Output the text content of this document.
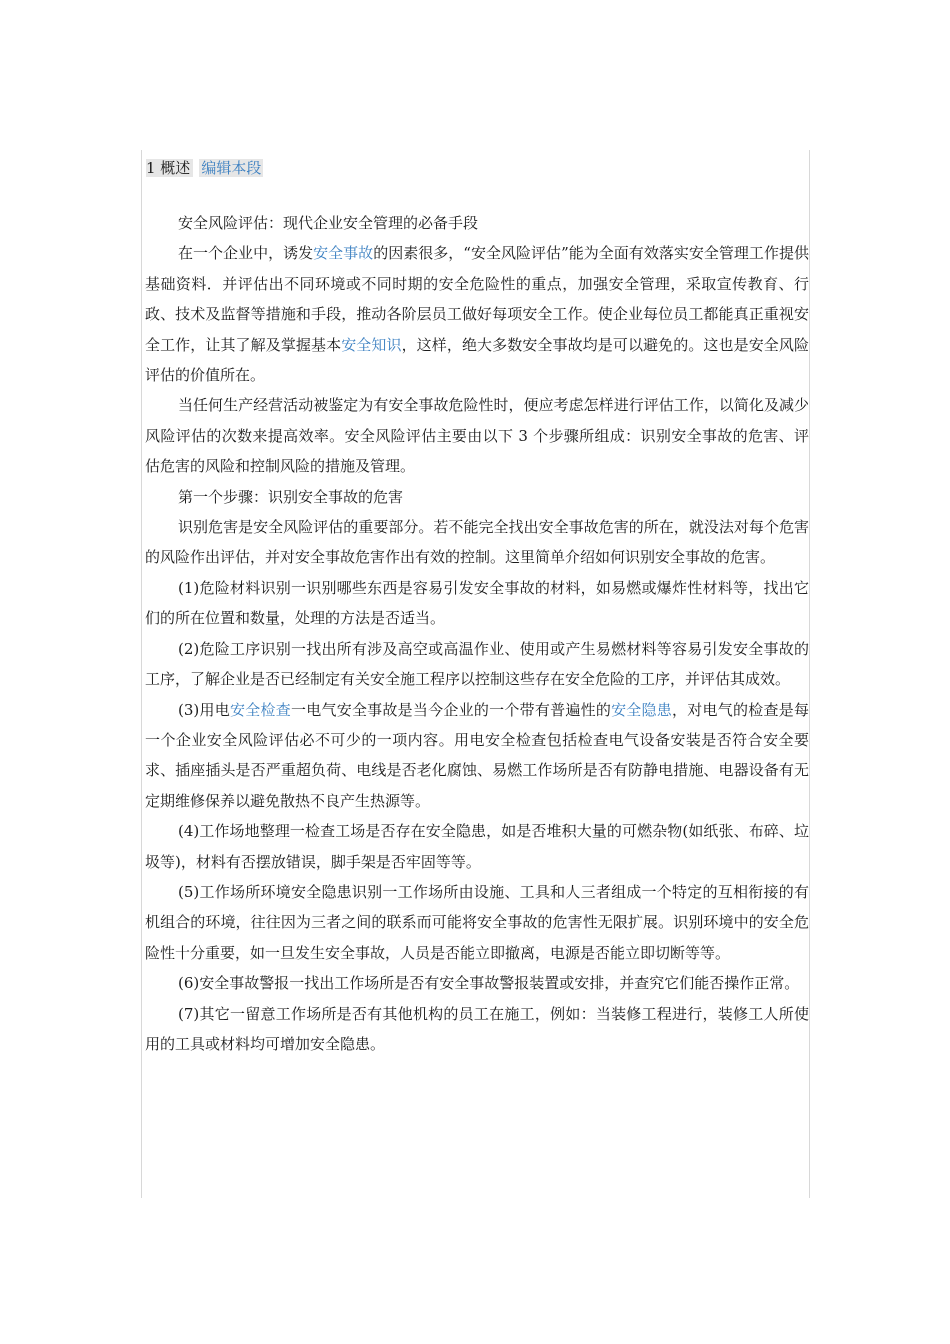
1 概述 编辑本段

安全风险评估：现代企业安全管理的必备手段

在一个企业中，诱发安全事故的因素很多，“安全风险评估”能为全面有效落实安全管理工作提供基础资料．并评估出不同环境或不同时期的安全危险性的重点，加强安全管理，采取宣传教育、行政、技术及监督等措施和手段，推动各阶层员工做好每项安全工作。使企业每位员工都能真正重视安全工作，让其了解及掌握基本安全知识，这样，绝大多数安全事故均是可以避免的。这也是安全风险评估的价值所在。

当任何生产经营活动被鉴定为有安全事故危险性时，便应考虑怎样进行评估工作，以简化及减少风险评估的次数来提高效率。安全风险评估主要由以下 3 个步骤所组成：识别安全事故的危害、评估危害的风险和控制风险的措施及管理。

第一个步骤：识别安全事故的危害

识别危害是安全风险评估的重要部分。若不能完全找出安全事故危害的所在，就没法对每个危害的风险作出评估，并对安全事故危害作出有效的控制。这里简单介绍如何识别安全事故的危害。

(1)危险材料识别一识别哪些东西是容易引发安全事故的材料，如易燃或爆炸性材料等，找出它们的所在位置和数量，处理的方法是否适当。

(2)危险工序识别一找出所有涉及高空或高温作业、使用或产生易燃材料等容易引发安全事故的工序，了解企业是否已经制定有关安全施工程序以控制这些存在安全危险的工序，并评估其成效。

(3)用电安全检查一电气安全事故是当今企业的一个带有普遍性的安全隐患，对电气的检查是每一个企业安全风险评估必不可少的一项内容。用电安全检查包括检查电气设备安装是否符合安全要求、插座插头是否严重超负荷、电线是否老化腐蚀、易燃工作场所是否有防静电措施、电器设备有无定期维修保养以避免散热不良产生热源等。

(4)工作场地整理一检查工场是否存在安全隐患，如是否堆积大量的可燃杂物(如纸张、布碎、垃圾等)，材料有否摆放错误，脚手架是否牢固等等。

(5)工作场所环境安全隐患识别一工作场所由设施、工具和人三者组成一个特定的互相衔接的有机组合的环境，往往因为三者之间的联系而可能将安全事故的危害性无限扩展。识别环境中的安全危险性十分重要，如一旦发生安全事故，人员是否能立即撤离，电源是否能立即切断等等。

(6)安全事故警报一找出工作场所是否有安全事故警报装置或安排，并查究它们能否操作正常。

(7)其它一留意工作场所是否有其他机构的员工在施工，例如：当装修工程进行，装修工人所使用的工具或材料均可增加安全隐患。
